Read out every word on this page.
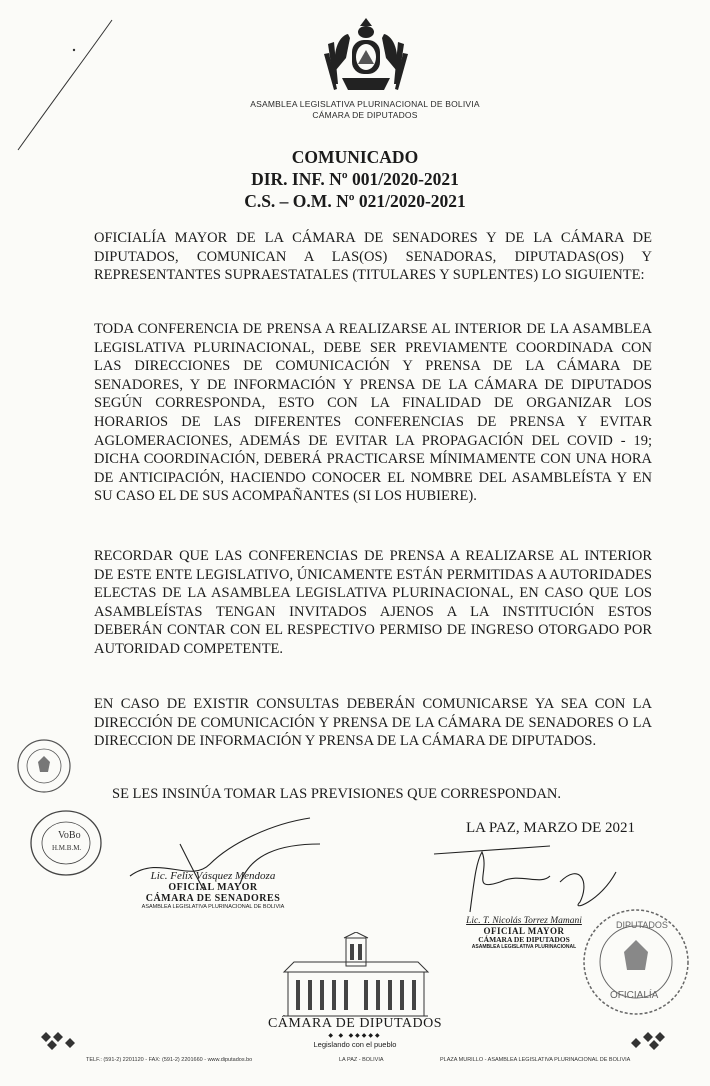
ASAMBLEA LEGISLATIVA PLURINACIONAL DE BOLIVIA
CÁMARA DE DIPUTADOS
COMUNICADO
DIR. INF. Nº 001/2020-2021
C.S. – O.M. Nº 021/2020-2021
OFICIALÍA MAYOR DE LA CÁMARA DE SENADORES Y DE LA CÁMARA DE DIPUTADOS, COMUNICAN A LAS(OS) SENADORAS, DIPUTADAS(OS) Y REPRESENTANTES SUPRAESTATALES (TITULARES Y SUPLENTES) LO SIGUIENTE:
TODA CONFERENCIA DE PRENSA A REALIZARSE AL INTERIOR DE LA ASAMBLEA LEGISLATIVA PLURINACIONAL, DEBE SER PREVIAMENTE COORDINADA CON LAS DIRECCIONES DE COMUNICACIÓN Y PRENSA DE LA CÁMARA DE SENADORES, Y DE INFORMACIÓN Y PRENSA DE LA CÁMARA DE DIPUTADOS SEGÚN CORRESPONDA, ESTO CON LA FINALIDAD DE ORGANIZAR LOS HORARIOS DE LAS DIFERENTES CONFERENCIAS DE PRENSA Y EVITAR AGLOMERACIONES, ADEMÁS DE EVITAR LA PROPAGACIÓN DEL COVID - 19; DICHA COORDINACIÓN, DEBERÁ PRACTICARSE MÍNIMAMENTE CON UNA HORA DE ANTICIPACIÓN, HACIENDO CONOCER EL NOMBRE DEL ASAMBLEÍSTA Y EN SU CASO EL DE SUS ACOMPAÑANTES (SI LOS HUBIERE).
RECORDAR QUE LAS CONFERENCIAS DE PRENSA A REALIZARSE AL INTERIOR DE ESTE ENTE LEGISLATIVO, ÚNICAMENTE ESTÁN PERMITIDAS A AUTORIDADES ELECTAS DE LA ASAMBLEA LEGISLATIVA PLURINACIONAL, EN CASO QUE LOS ASAMBLEÍSTAS TENGAN INVITADOS AJENOS A LA INSTITUCIÓN ESTOS DEBERÁN CONTAR CON EL RESPECTIVO PERMISO DE INGRESO OTORGADO POR AUTORIDAD COMPETENTE.
EN CASO DE EXISTIR CONSULTAS DEBERÁN COMUNICARSE YA SEA CON LA DIRECCIÓN DE COMUNICACIÓN Y PRENSA DE LA CÁMARA DE SENADORES O LA DIRECCION DE INFORMACIÓN Y PRENSA DE LA CÁMARA DE DIPUTADOS.
SE LES INSINÚA TOMAR LAS PREVISIONES QUE CORRESPONDAN.
LA PAZ, MARZO DE 2021
Lic. Felix Vásquez Mendoza
OFICIAL MAYOR
CÁMARA DE SENADORES
ASAMBLEA LEGISLATIVA PLURINACIONAL DE BOLIVIA
Lic. T. Nicolás Torrez Mamani
OFICIAL MAYOR
CÁMARA DE DIPUTADOS
ASAMBLEA LEGISLATIVA PLURINACIONAL
VoBo
H.M.B.M.
DIPUTADOS
OFICIALÍA
CÁMARA DE DIPUTADOS
◆ ◆ ◆◆◆◆◆
Legislando con el pueblo
TELF.: (591-2) 2201120 - FAX: (591-2) 2201660 - www.diputados.bo	LA PAZ - BOLIVIA	PLAZA MURILLO - ASAMBLEA LEGISLATIVA PLURINACIONAL DE BOLIVIA
